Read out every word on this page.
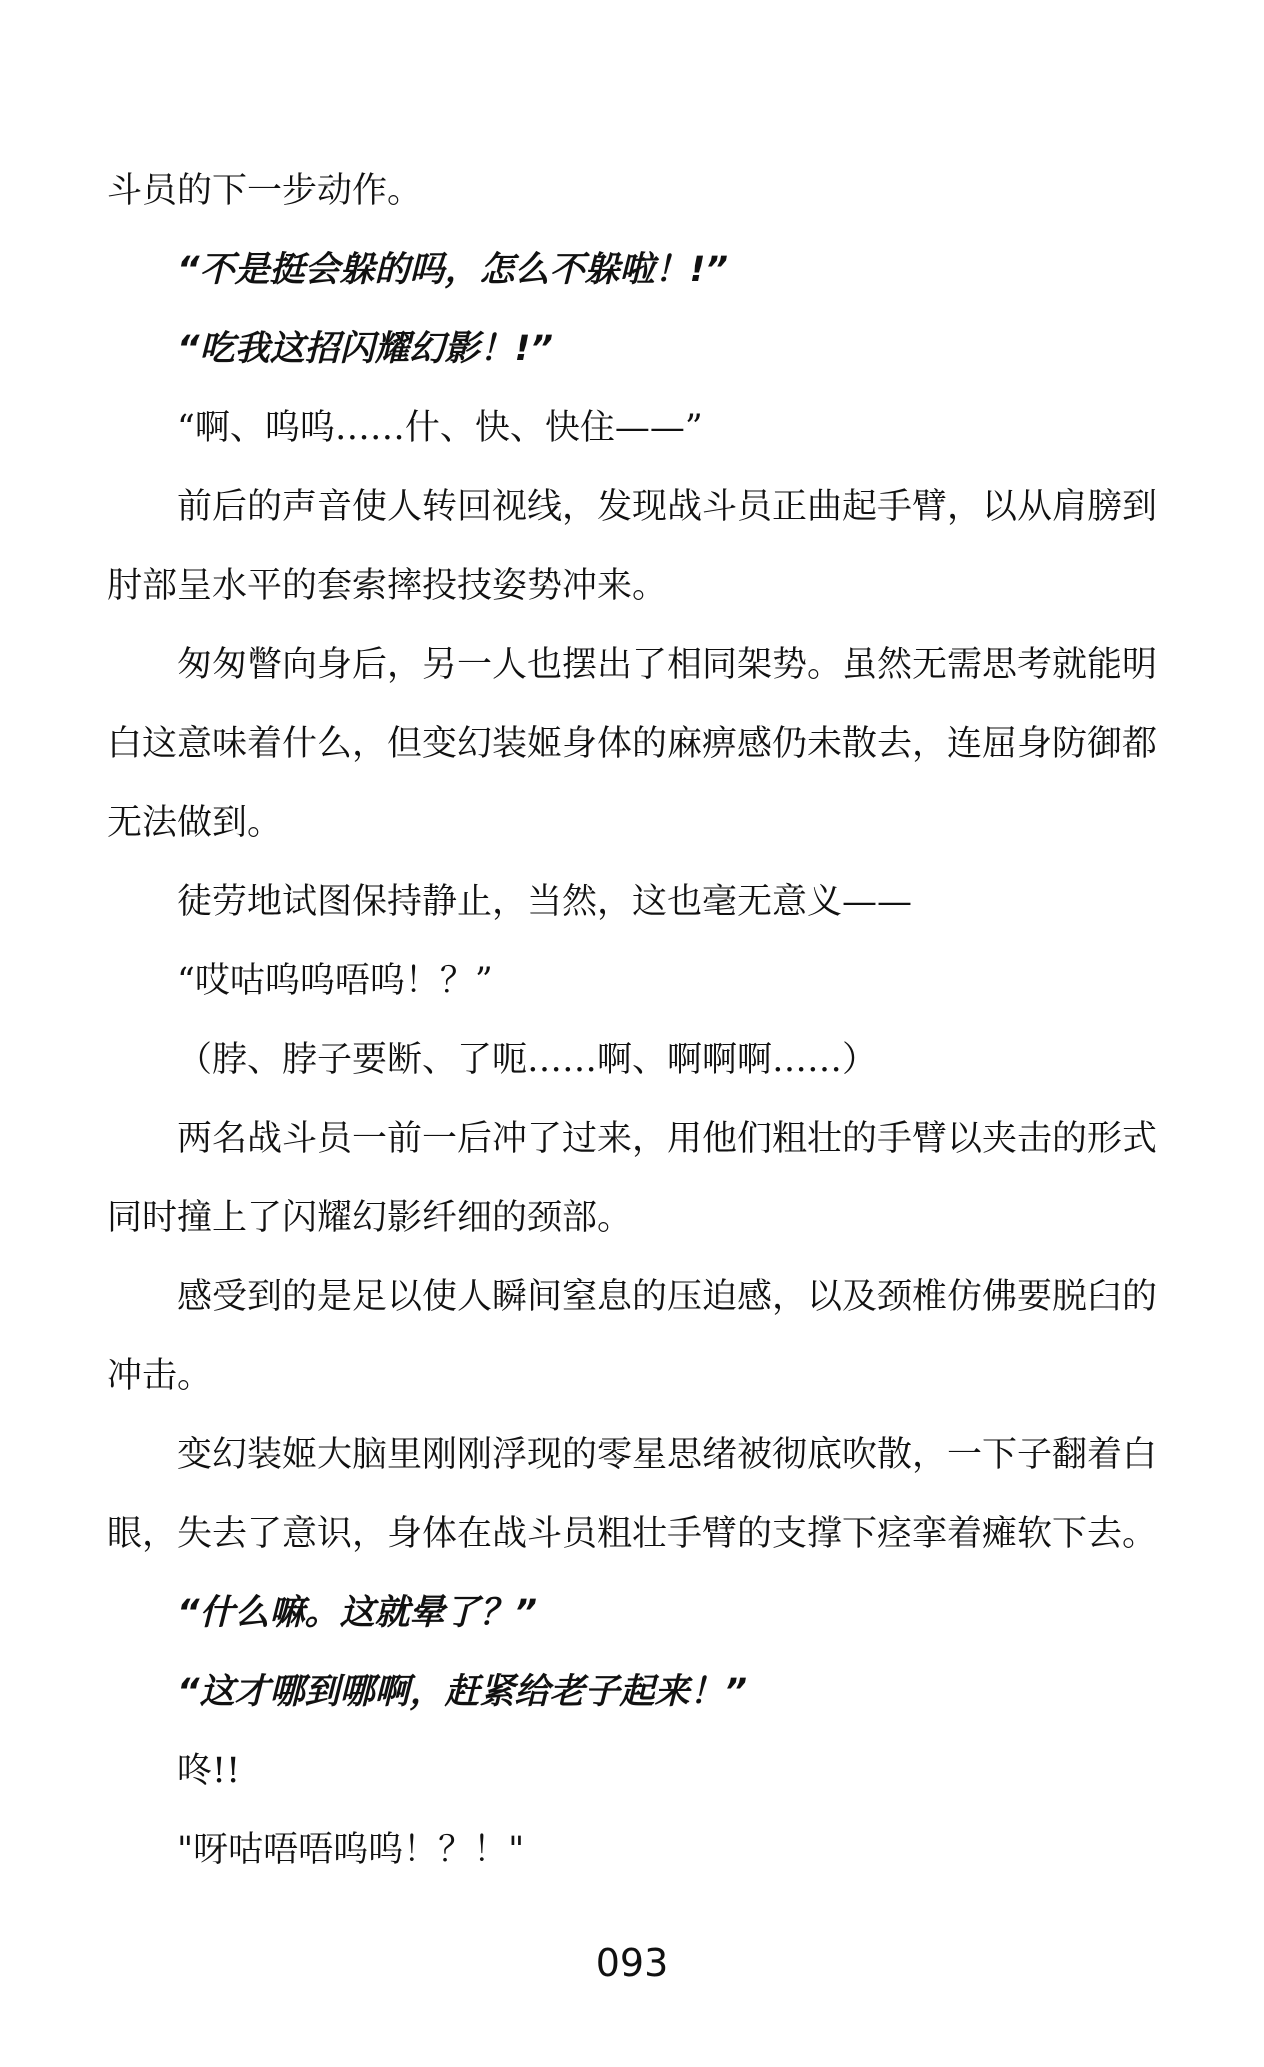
斗员的下一步动作。

“不是挺会躲的吗，怎么不躲啦！!”

“吃我这招闪耀幻影！!”

“啊、呜呜……什、快、快住——”

前后的声音使人转回视线，发现战斗员正曲起手臂，以从肩膀到

肘部呈水平的套索摔投技姿势冲来。

匆匆瞥向身后，另一人也摆出了相同架势。虽然无需思考就能明

白这意味着什么，但变幻装姬身体的麻痹感仍未散去，连屈身防御都

无法做到。

徒劳地试图保持静止，当然，这也毫无意义——

“哎咕呜呜唔呜！？”

（脖、脖子要断、了呃……啊、啊啊啊……）

两名战斗员一前一后冲了过来，用他们粗壮的手臂以夹击的形式

同时撞上了闪耀幻影纤细的颈部。

感受到的是足以使人瞬间窒息的压迫感，以及颈椎仿佛要脱臼的

冲击。

变幻装姬大脑里刚刚浮现的零星思绪被彻底吹散，一下子翻着白

眼，失去了意识，身体在战斗员粗壮手臂的支撑下痉挛着瘫软下去。

“什么嘛。这就晕了？”

“这才哪到哪啊，赶紧给老子起来！”

咚!!

"呀咕唔唔呜呜！？！"

093
